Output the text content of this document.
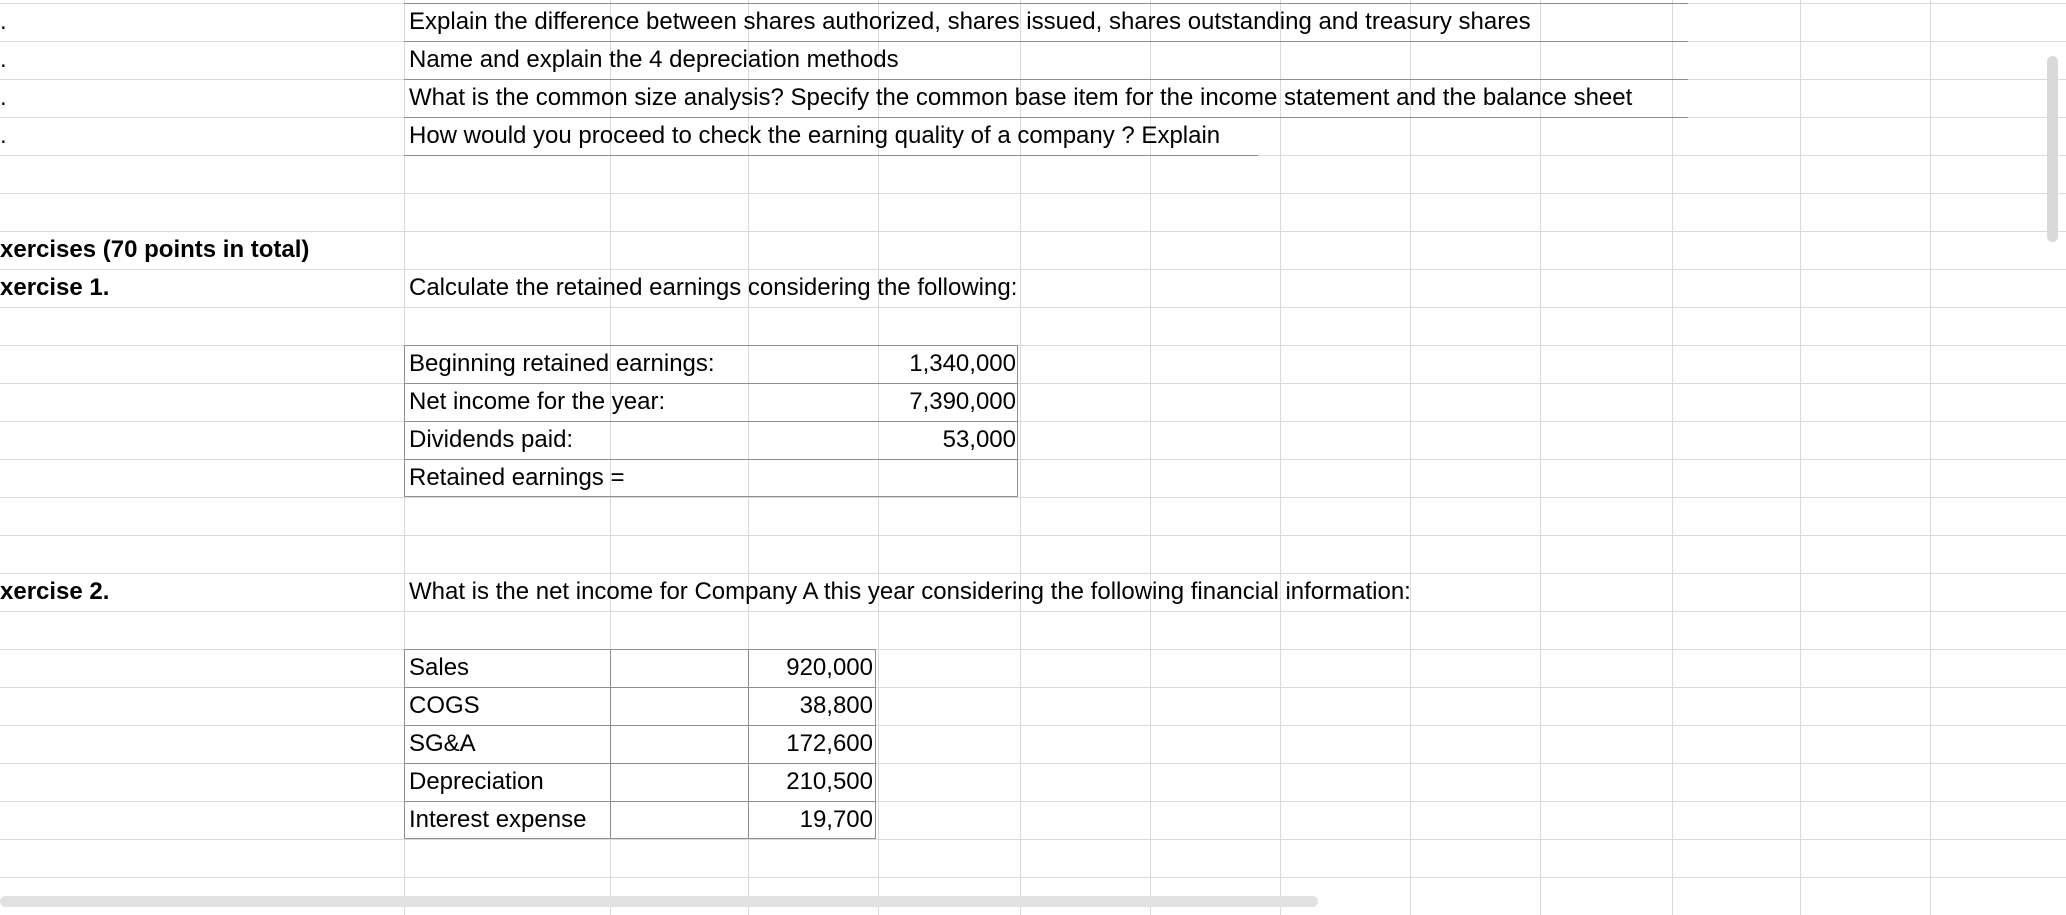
.
.
.
.
Explain the difference between shares authorized, shares issued, shares outstanding and treasury shares
Name and explain the 4 depreciation methods
What is the common size analysis? Specify the common base item for the income statement and the balance sheet
How would you proceed to check the earning quality of a company ? Explain
xercises (70 points in total)
xercise 1.	Calculate the retained earnings considering the following:
Beginning retained earnings:	1,340,000
Net income for the year:	7,390,000
Dividends paid:	53,000
Retained earnings =
xercise 2.	What is the net income for Company A this year considering the following financial information:
Sales	920,000
COGS	38,800
SG&A	172,600
Depreciation	210,500
Interest expense	19,700
